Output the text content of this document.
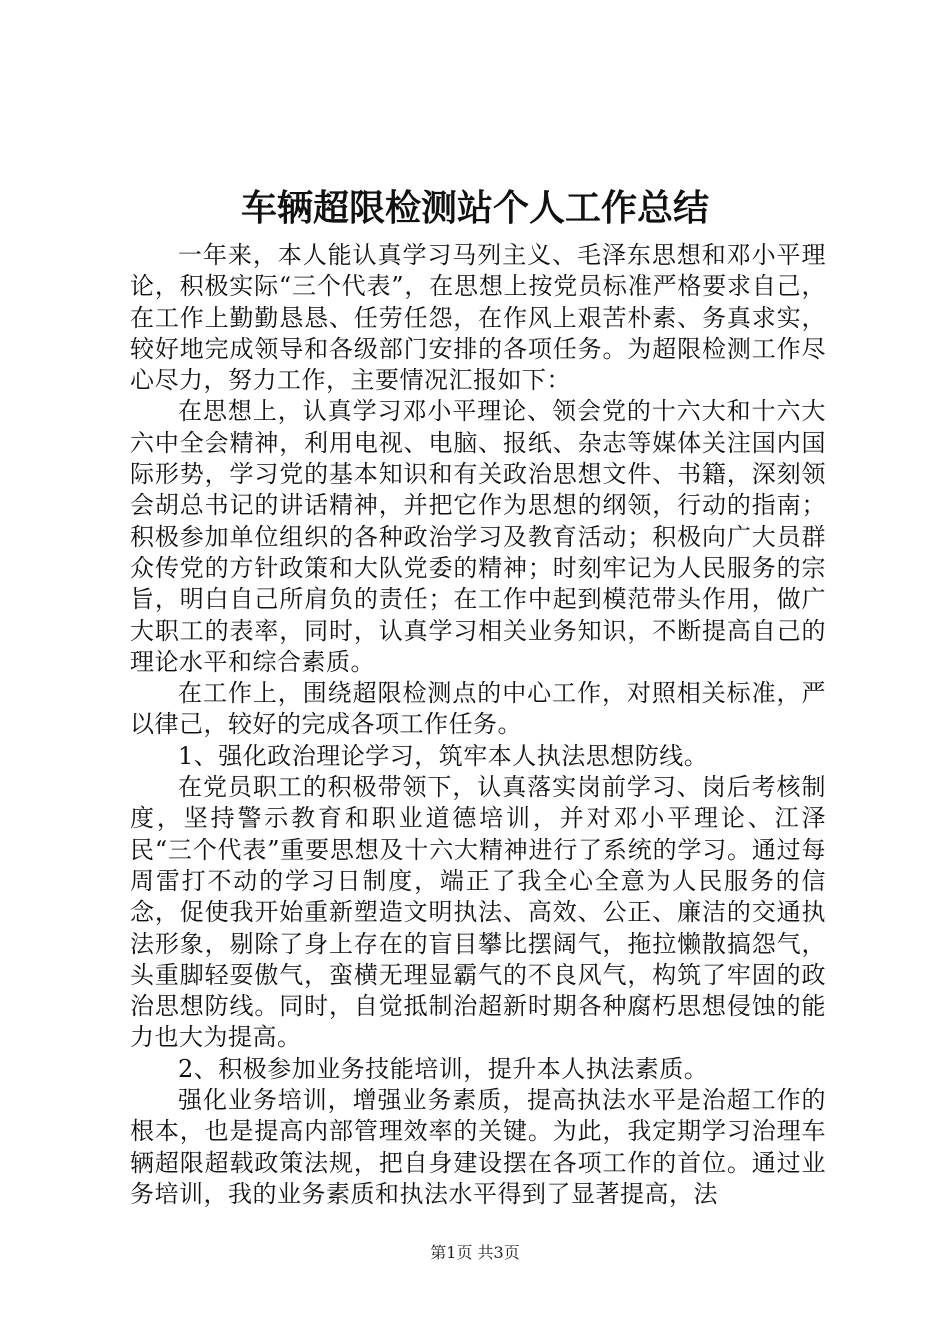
车辆超限检测站个人工作总结

一年来，本人能认真学习马列主义、毛泽东思想和邓小平理论，积极实际“三个代表”，在思想上按党员标准严格要求自己，在工作上勤勤恳恳、任劳任怨，在作风上艰苦朴素、务真求实，较好地完成领导和各级部门安排的各项任务。为超限检测工作尽心尽力，努力工作，主要情况汇报如下：

在思想上，认真学习邓小平理论、领会党的十六大和十六大六中全会精神，利用电视、电脑、报纸、杂志等媒体关注国内国际形势，学习党的基本知识和有关政治思想文件、书籍，深刻领会胡总书记的讲话精神，并把它作为思想的纲领，行动的指南；积极参加单位组织的各种政治学习及教育活动；积极向广大员群众传党的方针政策和大队党委的精神；时刻牢记为人民服务的宗旨，明白自己所肩负的责任；在工作中起到模范带头作用，做广大职工的表率，同时，认真学习相关业务知识，不断提高自己的理论水平和综合素质。

在工作上，围绕超限检测点的中心工作，对照相关标准，严以律己，较好的完成各项工作任务。

1、强化政治理论学习，筑牢本人执法思想防线。

在党员职工的积极带领下，认真落实岗前学习、岗后考核制度，坚持警示教育和职业道德培训，并对邓小平理论、江泽民“三个代表”重要思想及十六大精神进行了系统的学习。通过每周雷打不动的学习日制度，端正了我全心全意为人民服务的信念，促使我开始重新塑造文明执法、高效、公正、廉洁的交通执法形象，剔除了身上存在的盲目攀比摆阔气，拖拉懒散搞怨气，头重脚轻耍傲气，蛮横无理显霸气的不良风气，构筑了牢固的政治思想防线。同时，自觉抵制治超新时期各种腐朽思想侵蚀的能力也大为提高。

2、积极参加业务技能培训，提升本人执法素质。

强化业务培训，增强业务素质，提高执法水平是治超工作的根本，也是提高内部管理效率的关键。为此，我定期学习治理车辆超限超载政策法规，把自身建设摆在各项工作的首位。通过业务培训，我的业务素质和执法水平得到了显著提高，法

第1页 共3页
